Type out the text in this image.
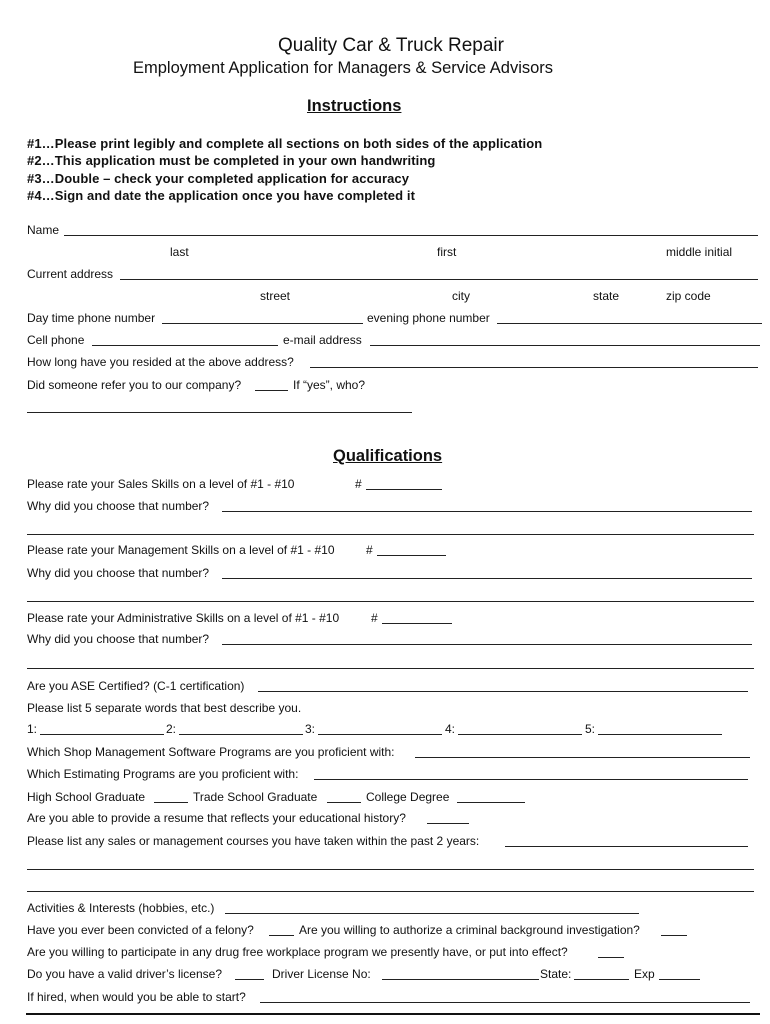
Quality Car & Truck Repair
Employment Application for Managers & Service Advisors
Instructions
#1…Please print legibly and complete all sections on both sides of the application
#2…This application must be completed in your own handwriting
#3…Double – check your completed application for accuracy
#4…Sign and date the application once you have completed it
Name
last	first	middle initial
Current address
street	city	state	zip code
Day time phone number	evening phone number
Cell phone	e-mail address
How long have you resided at the above address?
Did someone refer you to our company?	If “yes”, who?
Qualifications
Please rate your Sales Skills on a level of #1 - #10	#
Why did you choose that number?
Please rate your Management Skills on a level of #1 - #10	#
Why did you choose that number?
Please rate your Administrative Skills on a level of #1 - #10	#
Why did you choose that number?
Are you ASE Certified? (C-1 certification)
Please list 5 separate words that best describe you.
1:	2:	3:	4:	5:
Which Shop Management Software Programs are you proficient with:
Which Estimating Programs are you proficient with:
High School Graduate	Trade School Graduate	College Degree
Are you able to provide a resume that reflects your educational history?
Please list any sales or management courses you have taken within the past 2 years:
Activities & Interests (hobbies, etc.)
Have you ever been convicted of a felony?	Are you willing to authorize a criminal background investigation?
Are you willing to participate in any drug free workplace program we presently have, or put into effect?
Do you have a valid driver’s license?	Driver License No:	State:	Exp
If hired, when would you be able to start?
